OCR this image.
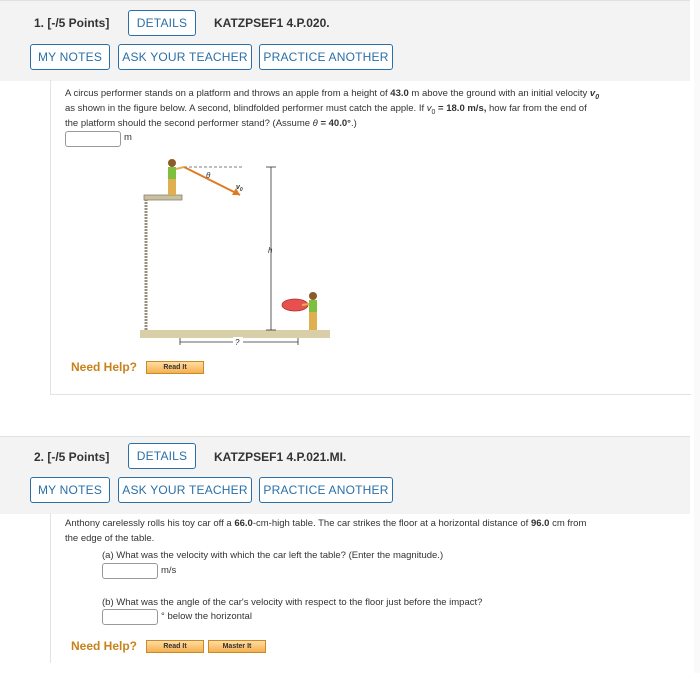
1. [-/5 Points]	DETAILS	KATZPSEF1 4.P.020.
MY NOTES	ASK YOUR TEACHER	PRACTICE ANOTHER
A circus performer stands on a platform and throws an apple from a height of 43.0 m above the ground with an initial velocity $v_0$
as shown in the figure below. A second, blindfolded performer must catch the apple. If $v_0 = 18.0$ m/s, how far from the end of
the platform should the second performer stand? (Assume θ = 40.0°.)
m
θ
$v_0$
h
?
Need Help?	Read It
2. [-/5 Points]	DETAILS	KATZPSEF1 4.P.021.MI.
MY NOTES	ASK YOUR TEACHER	PRACTICE ANOTHER
Anthony carelessly rolls his toy car off a 66.0-cm-high table. The car strikes the floor at a horizontal distance of 96.0 cm from
the edge of the table.
(a) What was the velocity with which the car left the table? (Enter the magnitude.)
m/s
(b) What was the angle of the car's velocity with respect to the floor just before the impact?
° below the horizontal
Need Help?	Read It	Master It
